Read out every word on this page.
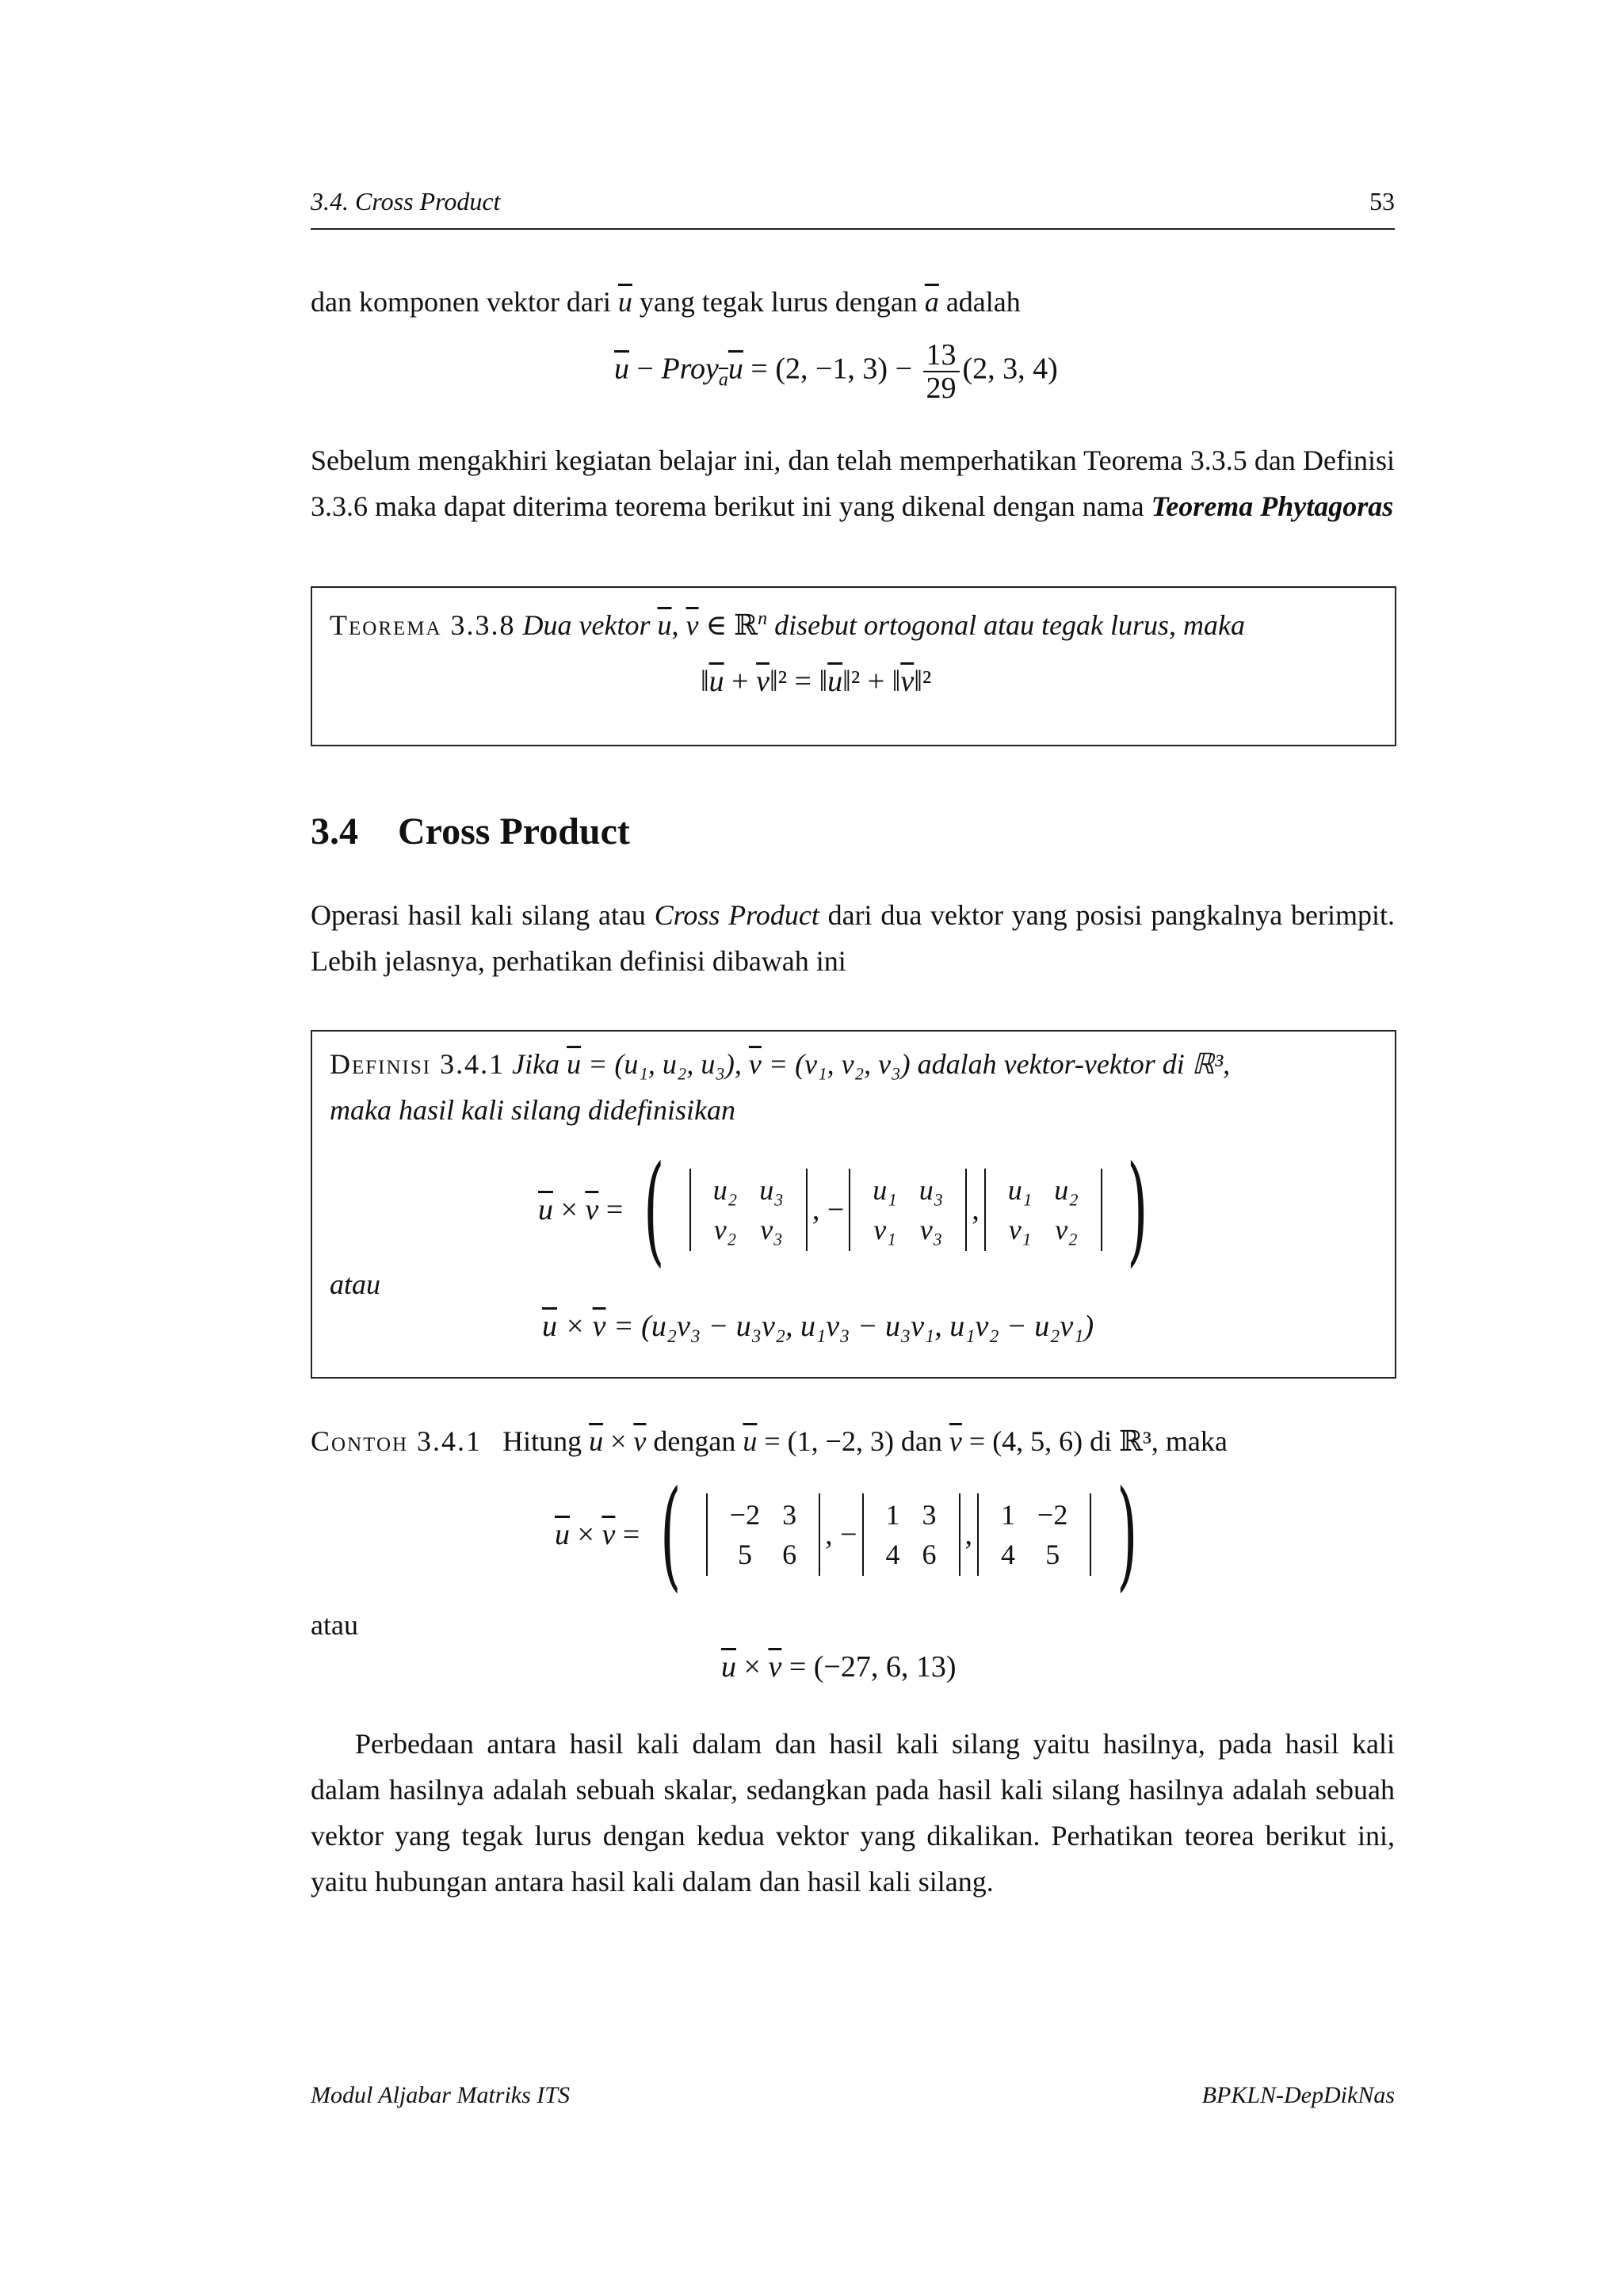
3.4. Cross Product	53
dan komponen vektor dari $\overline{u}$ yang tegak lurus dengan $\overline{a}$ adalah
$\overline{u}$ − $Proy_{\overline{a}}\overline{u} = (2$, −1, $3) - \frac{13}{29} (2$, 3, 4)
Sebelum mengakhiri kegiatan belajar ini, dan telah memperhatikan Teorema 3.3.5 dan Definisi 3.3.6 maka dapat diterima teorema berikut ini yang dikenal dengan nama Teorema Phytagoras
Teorema 3.3.8 Dua vektor $\overline{u}$, $\overline{v}$ ∈ ℝ$^n$ disebut ortogonal atau tegak lurus, maka
$‖\overline{u}$ + $\overline{v}‖^2$ = $‖\overline{u}‖^2$ + $‖\overline{v}‖^2$
3.4 Cross Product
Operasi hasil kali silang atau Cross Product dari dua vektor yang posisi pangkalnya berimpit. Lebih jelasnya, perhatikan definisi dibawah ini
Definisi 3.4.1 Jika $\overline{u} = (u_1$, u₂, u₃), $\overline{v} = (v_1$, v₂, v₃) adalah vektor-vektor di ℝ³,
maka hasil kali silang didefinisikan
$\overline{u} \times \overline{v}$ = ( u₂	u₃
v₂	v₃
, −
u₁	u₃
v₁	v₃
,
u₁	u₂
v₁	v₂ )
atau
$\overline{u} \times \overline{v} = (u_2v_3 - u_3v_2$, u₁v₃ − u₃v₁, u₁v₂ − u₂v₁)
Contoh 3.4.1 Hitung $\overline{u} \times \overline{v}$ dengan $\overline{u} = (1$, −2, 3) dan $\overline{v} = (4$, 5, 6) di ℝ³, maka
$\overline{u} \times \overline{v}$ = ( −2	3
5	6
, −
1	3
4	6
,
1	−2
4	5 )
atau
$\overline{u} \times \overline{v} = (-27$, 6, 13)
Perbedaan antara hasil kali dalam dan hasil kali silang yaitu hasilnya, pada hasil kali dalam hasilnya adalah sebuah skalar, sedangkan pada hasil kali silang hasilnya adalah sebuah vektor yang tegak lurus dengan kedua vektor yang dikalikan. Perhatikan teorea berikut ini, yaitu hubungan antara hasil kali dalam dan hasil kali silang.
Modul Aljabar Matriks ITS	BPKLN-DepDikNas
